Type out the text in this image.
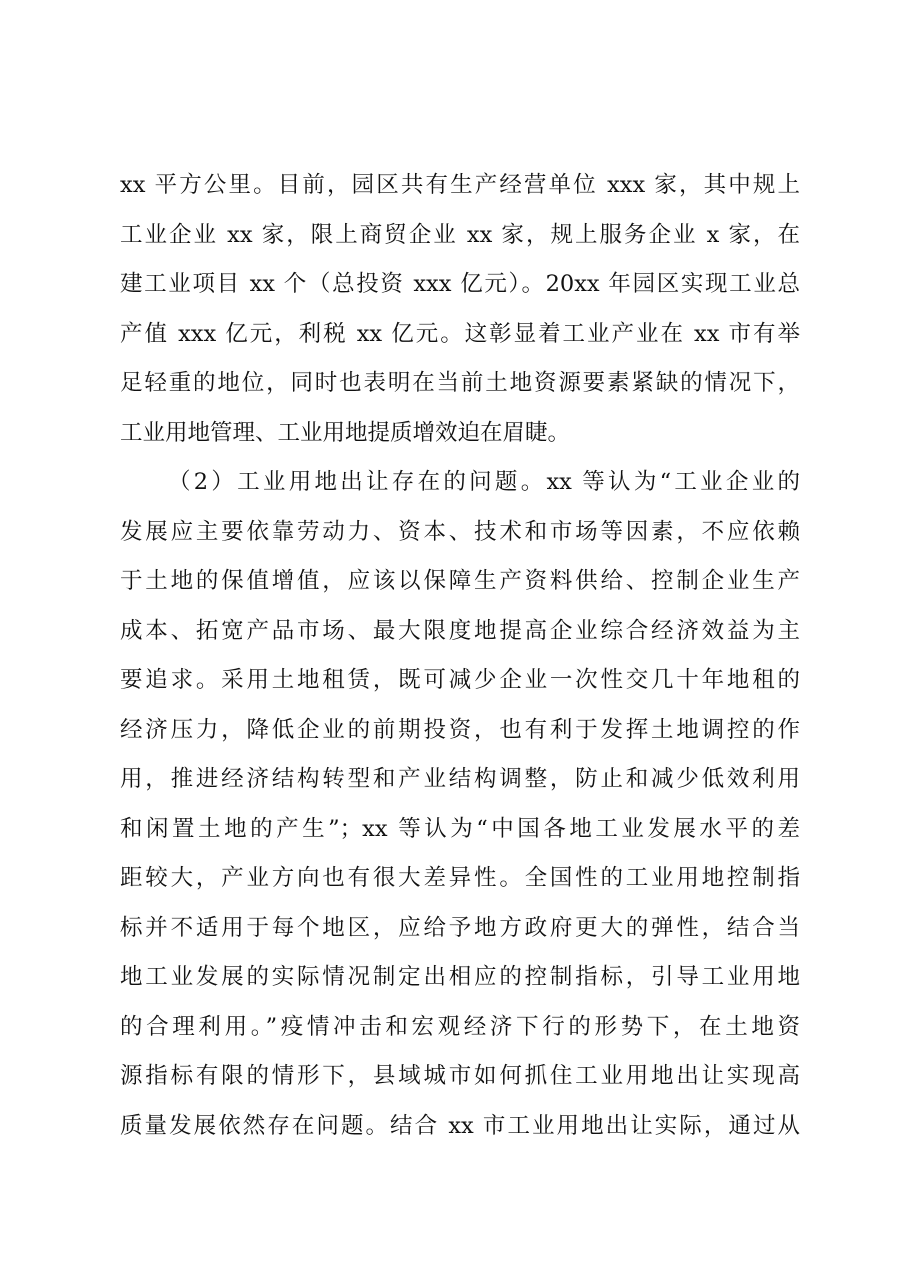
xx 平方公里。目前，园区共有生产经营单位 xxx 家，其中规上
工业企业 xx 家，限上商贸企业 xx 家，规上服务企业 x 家，在
建工业项目 xx 个（总投资 xxx 亿元）。20xx 年园区实现工业总
产值 xxx 亿元，利税 xx 亿元。这彰显着工业产业在 xx 市有举
足轻重的地位，同时也表明在当前土地资源要素紧缺的情况下，
工业用地管理、工业用地提质增效迫在眉睫。
（2）工业用地出让存在的问题。xx 等认为“工业企业的
发展应主要依靠劳动力、资本、技术和市场等因素，不应依赖
于土地的保值增值，应该以保障生产资料供给、控制企业生产
成本、拓宽产品市场、最大限度地提高企业综合经济效益为主
要追求。采用土地租赁，既可减少企业一次性交几十年地租的
经济压力，降低企业的前期投资，也有利于发挥土地调控的作
用，推进经济结构转型和产业结构调整，防止和减少低效利用
和闲置土地的产生”；xx 等认为“中国各地工业发展水平的差
距较大，产业方向也有很大差异性。全国性的工业用地控制指
标并不适用于每个地区，应给予地方政府更大的弹性，结合当
地工业发展的实际情况制定出相应的控制指标，引导工业用地
的合理利用。”疫情冲击和宏观经济下行的形势下，在土地资
源指标有限的情形下，县域城市如何抓住工业用地出让实现高
质量发展依然存在问题。结合 xx 市工业用地出让实际，通过从
